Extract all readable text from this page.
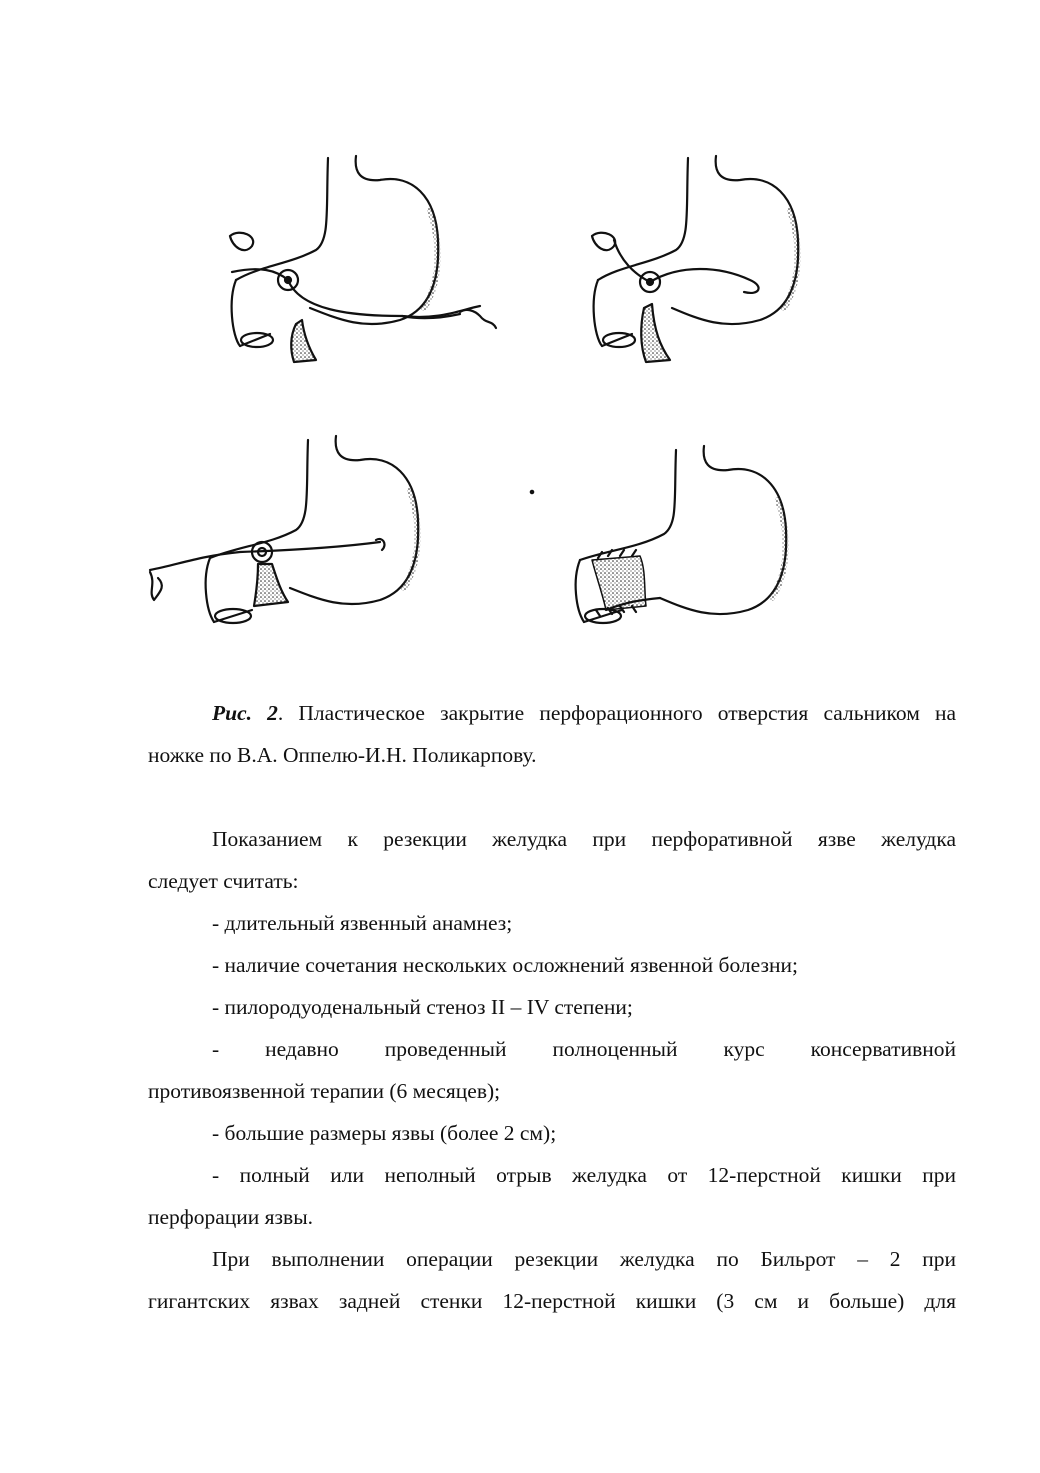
Рис. 2. Пластическое закрытие перфорационного отверстия сальником на

ножке по В.А. Оппелю-И.Н. Поликарпову.

Показанием к резекции желудка при перфоративной язве желудка

следует считать:

- длительный язвенный анамнез;

- наличие сочетания нескольких осложнений язвенной болезни;

- пилородуоденальный стеноз II – IV степени;

- недавно проведенный полноценный курс консервативной

противоязвенной терапии (6 месяцев);

- большие размеры язвы (более 2 см);

- полный или неполный отрыв желудка от 12-перстной кишки при

перфорации язвы.

При выполнении операции резекции желудка по Бильрот – 2 при

гигантских язвах задней стенки 12-перстной кишки (3 см и больше) для
